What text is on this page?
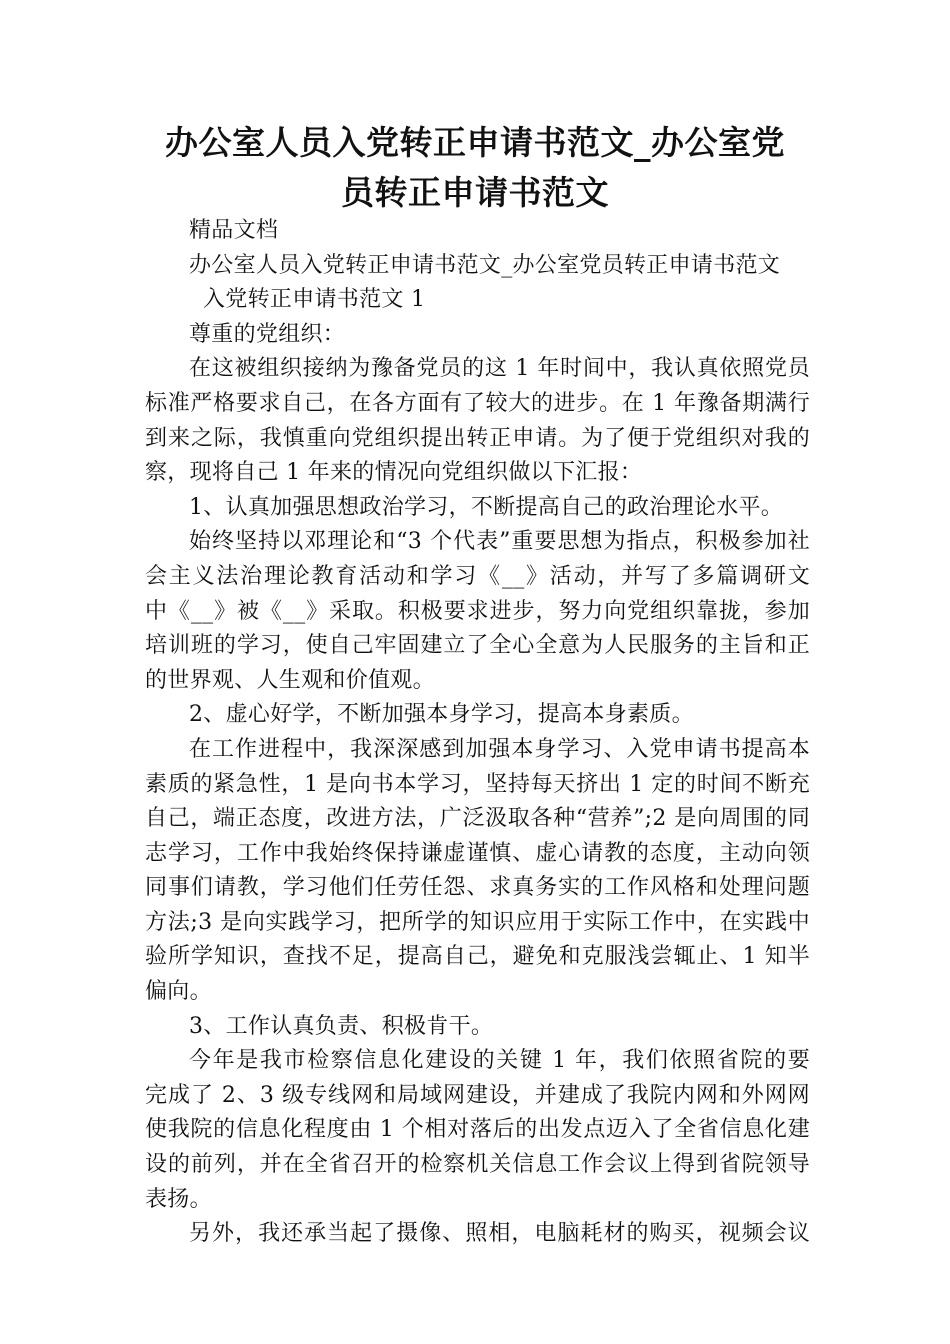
办公室人员入党转正申请书范文_办公室党
员转正申请书范文
精品文档
办公室人员入党转正申请书范文_办公室党员转正申请书范文
入党转正申请书范文 1
尊重的党组织：
在这被组织接纳为豫备党员的这 1 年时间中，我认真依照党员
标准严格要求自己，在各方面有了较大的进步。在 1 年豫备期满行
到来之际，我慎重向党组织提出转正申请。为了便于党组织对我的
察，现将自己 1 年来的情况向党组织做以下汇报：
1、认真加强思想政治学习，不断提高自己的政治理论水平。
始终坚持以邓理论和“3 个代表”重要思想为指点，积极参加社
会主义法治理论教育活动和学习《__》活动，并写了多篇调研文
中《__》被《__》采取。积极要求进步，努力向党组织靠拢，参加
培训班的学习，使自己牢固建立了全心全意为人民服务的主旨和正
的世界观、人生观和价值观。
2、虚心好学，不断加强本身学习，提高本身素质。
在工作进程中，我深深感到加强本身学习、入党申请书提高本
素质的紧急性，1 是向书本学习，坚持每天挤出 1 定的时间不断充
自己，端正态度，改进方法，广泛汲取各种“营养”;2 是向周围的同
志学习，工作中我始终保持谦虚谨慎、虚心请教的态度，主动向领
同事们请教，学习他们任劳任怨、求真务实的工作风格和处理问题
方法;3 是向实践学习，把所学的知识应用于实际工作中，在实践中
验所学知识，查找不足，提高自己，避免和克服浅尝辄止、1 知半
偏向。
3、工作认真负责、积极肯干。
今年是我市检察信息化建设的关键 1 年，我们依照省院的要
完成了 2、3 级专线网和局域网建设，并建成了我院内网和外网网
使我院的信息化程度由 1 个相对落后的出发点迈入了全省信息化建
设的前列，并在全省召开的检察机关信息工作会议上得到省院领导
表扬。
另外，我还承当起了摄像、照相，电脑耗材的购买，视频会议
